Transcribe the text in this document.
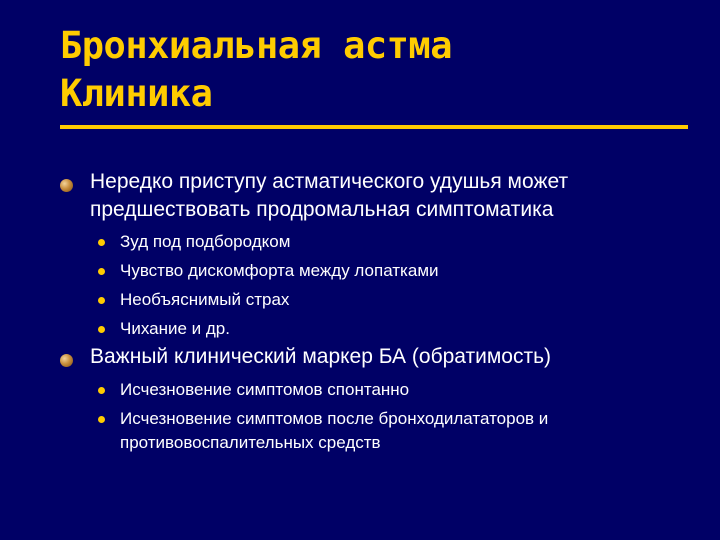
Бронхиальная астма
Клиника
Нередко приступу астматического удушья может предшествовать продромальная симптоматика
Зуд под подбородком
Чувство дискомфорта между лопатками
Необъяснимый страх
Чихание и др.
Важный клинический маркер БА (обратимость)
Исчезновение симптомов спонтанно
Исчезновение симптомов после бронходилататоров и противовоспалительных средств
